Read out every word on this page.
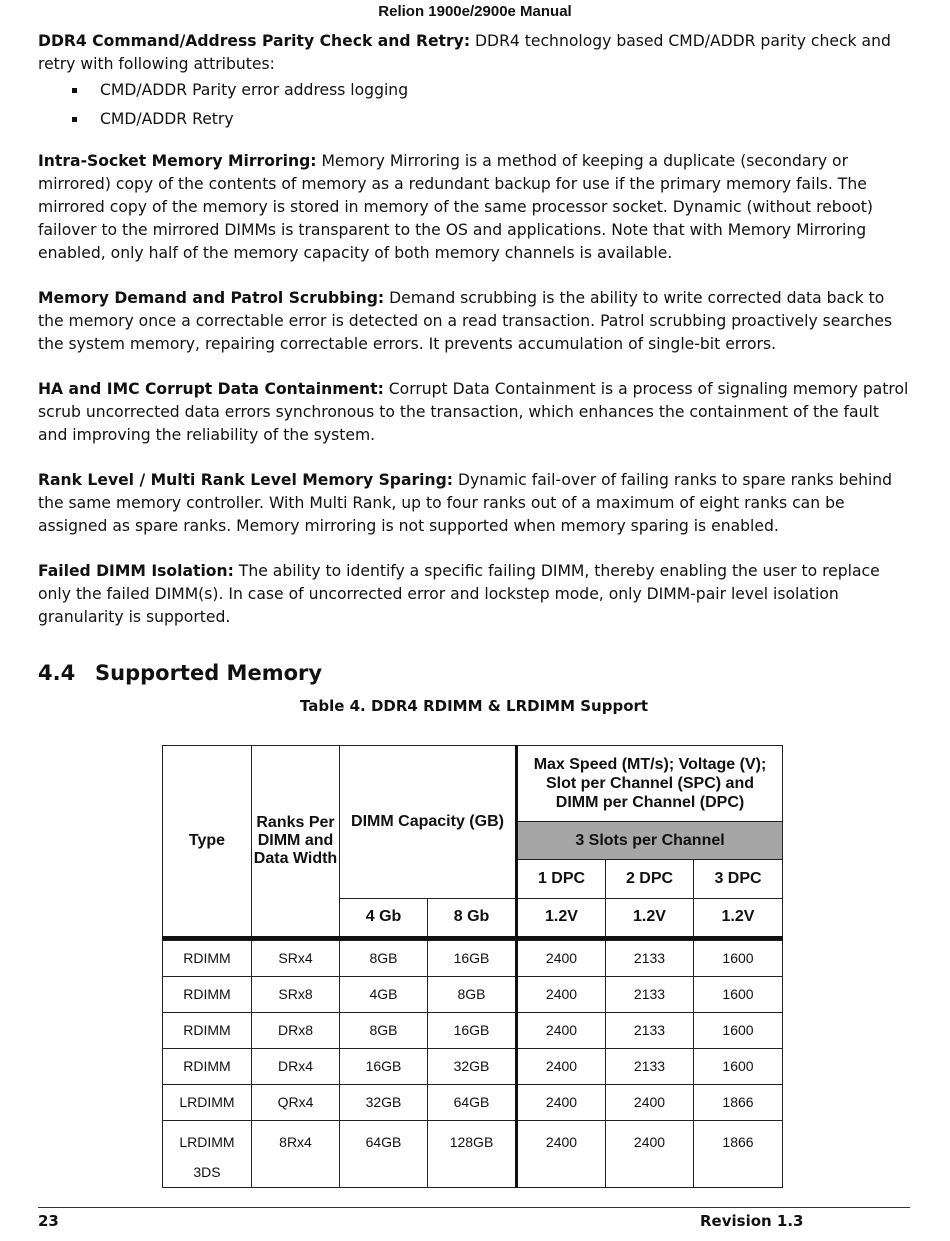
Relion 1900e/2900e Manual

DDR4 Command/Address Parity Check and Retry: DDR4 technology based CMD/ADDR parity check and retry with following attributes:

CMD/ADDR Parity error address logging
CMD/ADDR Retry

Intra-Socket Memory Mirroring: Memory Mirroring is a method of keeping a duplicate (secondary or mirrored) copy of the contents of memory as a redundant backup for use if the primary memory fails. The mirrored copy of the memory is stored in memory of the same processor socket. Dynamic (without reboot) failover to the mirrored DIMMs is transparent to the OS and applications. Note that with Memory Mirroring enabled, only half of the memory capacity of both memory channels is available.

Memory Demand and Patrol Scrubbing: Demand scrubbing is the ability to write corrected data back to the memory once a correctable error is detected on a read transaction. Patrol scrubbing proactively searches the system memory, repairing correctable errors. It prevents accumulation of single-bit errors.

HA and IMC Corrupt Data Containment: Corrupt Data Containment is a process of signaling memory patrol scrub uncorrected data errors synchronous to the transaction, which enhances the containment of the fault and improving the reliability of the system.

Rank Level / Multi Rank Level Memory Sparing: Dynamic fail-over of failing ranks to spare ranks behind the same memory controller. With Multi Rank, up to four ranks out of a maximum of eight ranks can be assigned as spare ranks. Memory mirroring is not supported when memory sparing is enabled.

Failed DIMM Isolation: The ability to identify a specific failing DIMM, thereby enabling the user to replace only the failed DIMM(s). In case of uncorrected error and lockstep mode, only DIMM-pair level isolation granularity is supported.

4.4 Supported Memory
Table 4. DDR4 RDIMM & LRDIMM Support
Type	Ranks Per DIMM and Data Width	DIMM Capacity (GB)		Max Speed (MT/s); Voltage (V); Slot per Channel (SPC) and DIMM per Channel (DPC)		
				3 Slots per Channel		
				1 DPC	2 DPC	3 DPC
		4 Gb	8 Gb	1.2V	1.2V	1.2V

RDIMM	SRx4	8GB	16GB	2400	2133	1600
RDIMM	SRx8	4GB	8GB	2400	2133	1600
RDIMM	DRx8	8GB	16GB	2400	2133	1600
RDIMM	DRx4	16GB	32GB	2400	2133	1600
LRDIMM	QRx4	32GB	64GB	2400	2400	1866
LRDIMM
3DS	8Rx4	64GB	128GB	2400	2400	1866
23	Revision 1.3
